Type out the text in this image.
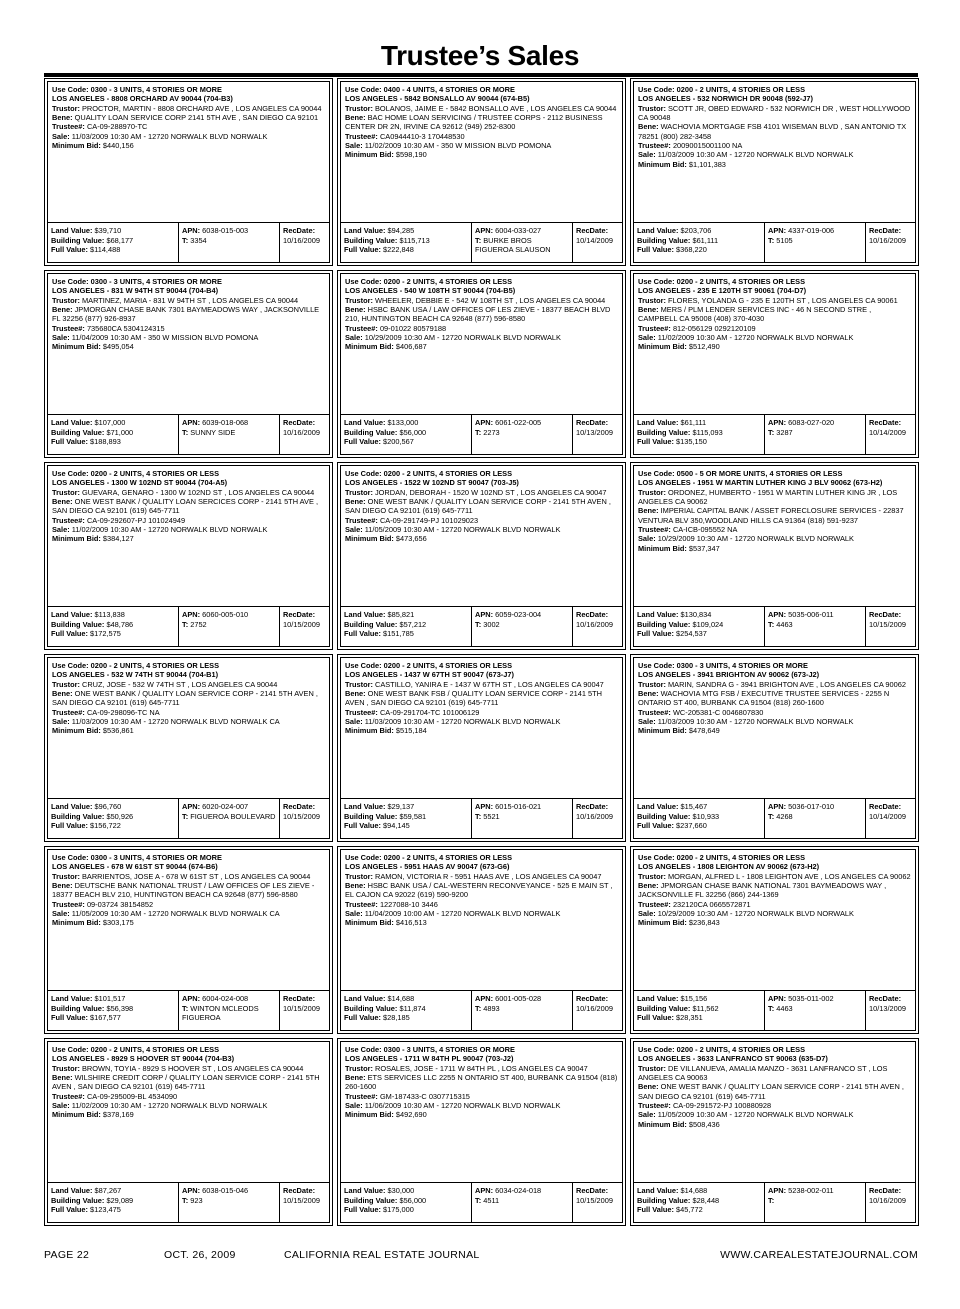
Trustee’s Sales
Use Code: 0300 - 3 UNITS, 4 STORIES OR MORE
LOS ANGELES - 8808 ORCHARD AV 90044 (704-B3)
Trustor: PROCTOR, MARTIN - 8808 ORCHARD AVE , LOS ANGELES CA 90044
Bene: QUALITY LOAN SERVICE CORP 2141 5TH AVE , SAN DIEGO CA 92101
Trustee#: CA-09-288970-TC
Sale: 11/03/2009 10:30 AM - 12720 NORWALK BLVD NORWALK
Minimum Bid: $440,156
Land Value: $39,710
Building Value: $68,177
Full Value: $114,488
APN: 6038-015-003
T: 3354
RecDate:
10/16/2009
Use Code: 0400 - 4 UNITS, 4 STORIES OR MORE
LOS ANGELES - 5842 BONSALLO AV 90044 (674-B5)
Trustor: BOLANOS, JAIME E - 5842 BONSALLO AVE , LOS ANGELES CA 90044
Bene: BAC HOME LOAN SERVICING / TRUSTEE CORPS - 2112 BUSINESS CENTER DR 2N, IRVINE CA 92612 (949) 252-8300
Trustee#: CA0944410-3 170448530
Sale: 11/02/2009 10:30 AM - 350 W MISSION BLVD POMONA
Minimum Bid: $598,190
Land Value: $94,285
Building Value: $115,713
Full Value: $222,848
APN: 6004-033-027
T: BURKE BROS FIGUEROA SLAUSON
RecDate:
10/14/2009
Use Code: 0200 - 2 UNITS, 4 STORIES OR LESS
LOS ANGELES - 532 NORWICH DR 90048 (592-J7)
Trustor: SCOTT JR, OBED EDWARD - 532 NORWICH DR , WEST HOLLYWOOD CA 90048
Bene: WACHOVIA MORTGAGE FSB 4101 WISEMAN BLVD , SAN ANTONIO TX 78251 (800) 282-3458
Trustee#: 20090015001100 NA
Sale: 11/03/2009 10:30 AM - 12720 NORWALK BLVD NORWALK
Minimum Bid: $1,101,383
Land Value: $203,706
Building Value: $61,111
Full Value: $368,220
APN: 4337-019-006
T: 5105
RecDate:
10/16/2009
Use Code: 0300 - 3 UNITS, 4 STORIES OR MORE
LOS ANGELES - 831 W 94TH ST 90044 (704-B4)
Trustor: MARTINEZ, MARIA - 831 W 94TH ST , LOS ANGELES CA 90044
Bene: JPMORGAN CHASE BANK 7301 BAYMEADOWS WAY , JACKSONVILLE FL 32256 (877) 926-8937
Trustee#: 735680CA 5304124315
Sale: 11/04/2009 10:30 AM - 350 W MISSION BLVD POMONA
Minimum Bid: $495,054
Land Value: $107,000
Building Value: $71,000
Full Value: $188,893
APN: 6039-018-068
T: SUNNY SIDE
RecDate:
10/16/2009
Use Code: 0200 - 2 UNITS, 4 STORIES OR LESS
LOS ANGELES - 540 W 108TH ST 90044 (704-B5)
Trustor: WHEELER, DEBBIE E - 542 W 108TH ST , LOS ANGELES CA 90044
Bene: HSBC BANK USA / LAW OFFICES OF LES ZIEVE - 18377 BEACH BLVD 210, HUNTINGTON BEACH CA 92648 (877) 596-8580
Trustee#: 09-01022 80579188
Sale: 10/29/2009 10:30 AM - 12720 NORWALK BLVD NORWALK
Minimum Bid: $406,687
Land Value: $133,000
Building Value: $56,000
Full Value: $200,567
APN: 6061-022-005
T: 2273
RecDate:
10/13/2009
Use Code: 0200 - 2 UNITS, 4 STORIES OR LESS
LOS ANGELES - 235 E 120TH ST 90061 (704-D7)
Trustor: FLORES, YOLANDA G - 235 E 120TH ST , LOS ANGELES CA 90061
Bene: MERS / PLM LENDER SERVICES INC - 46 N SECOND STRE , CAMPBELL CA 95008 (408) 370-4030
Trustee#: 812-056129 0292120109
Sale: 11/02/2009 10:30 AM - 12720 NORWALK BLVD NORWALK
Minimum Bid: $512,490
Land Value: $61,111
Building Value: $115,093
Full Value: $135,150
APN: 6083-027-020
T: 3287
RecDate:
10/14/2009
Use Code: 0200 - 2 UNITS, 4 STORIES OR LESS
LOS ANGELES - 1300 W 102ND ST 90044 (704-A5)
Trustor: GUEVARA, GENARO - 1300 W 102ND ST , LOS ANGELES CA 90044
Bene: ONE WEST BANK / QUALITY LOAN SERCICES CORP - 2141 5TH AVE , SAN DIEGO CA 92101 (619) 645-7711
Trustee#: CA-09-292607-PJ 101024949
Sale: 11/02/2009 10:30 AM - 12720 NORWALK BLVD NORWALK
Minimum Bid: $384,127
Land Value: $113,838
Building Value: $48,786
Full Value: $172,575
APN: 6060-005-010
T: 2752
RecDate:
10/15/2009
Use Code: 0200 - 2 UNITS, 4 STORIES OR LESS
LOS ANGELES - 1522 W 102ND ST 90047 (703-J5)
Trustor: JORDAN, DEBORAH - 1520 W 102ND ST , LOS ANGELES CA 90047
Bene: ONE WEST BANK / QUALITY LOAN SERVICE CORP - 2141 5TH AVEN , SAN DIEGO CA 92101 (619) 645-7711
Trustee#: CA-09-291749-PJ 101029023
Sale: 11/05/2009 10:30 AM - 12720 NORWALK BLVD NORWALK
Minimum Bid: $473,656
Land Value: $85,821
Building Value: $57,212
Full Value: $151,785
APN: 6059-023-004
T: 3002
RecDate:
10/16/2009
Use Code: 0500 - 5 OR MORE UNITS, 4 STORIES OR LESS
LOS ANGELES - 1951 W MARTIN LUTHER KING J BLV 90062 (673-H2)
Trustor: ORDONEZ, HUMBERTO - 1951 W MARTIN LUTHER KING JR , LOS ANGELES CA 90062
Bene: IMPERIAL CAPITAL BANK / ASSET FORECLOSURE SERVICES - 22837 VENTURA BLV 350,WOODLAND HILLS CA 91364 (818) 591-9237
Trustee#: CA-ICB-095552 NA
Sale: 10/29/2009 10:30 AM - 12720 NORWALK BLVD NORWALK
Minimum Bid: $537,347
Land Value: $130,834
Building Value: $109,024
Full Value: $254,537
APN: 5035-006-011
T: 4463
RecDate:
10/15/2009
Use Code: 0200 - 2 UNITS, 4 STORIES OR LESS
LOS ANGELES - 532 W 74TH ST 90044 (704-B1)
Trustor: CRUZ, JOSE - 532 W 74TH ST , LOS ANGELES CA 90044
Bene: ONE WEST BANK / QUALITY LOAN SERVICE CORP - 2141 5TH AVEN , SAN DIEGO CA 92101 (619) 645-7711
Trustee#: CA-09-298096-TC NA
Sale: 11/03/2009 10:30 AM - 12720 NORWALK BLVD NORWALK CA
Minimum Bid: $536,861
Land Value: $96,760
Building Value: $50,926
Full Value: $156,722
APN: 6020-024-007
T: FIGUEROA BOULEVARD
RecDate:
10/15/2009
Use Code: 0200 - 2 UNITS, 4 STORIES OR LESS
LOS ANGELES - 1437 W 67TH ST 90047 (673-J7)
Trustor: CASTILLO, YANIRA E - 1437 W 67TH ST , LOS ANGELES CA 90047
Bene: ONE WEST BANK FSB / QUALITY LOAN SERVICE CORP - 2141 5TH AVEN , SAN DIEGO CA 92101 (619) 645-7711
Trustee#: CA-09-291704-TC 101006129
Sale: 11/03/2009 10:30 AM - 12720 NORWALK BLVD NORWALK
Minimum Bid: $515,184
Land Value: $29,137
Building Value: $59,581
Full Value: $94,145
APN: 6015-016-021
T: 5521
RecDate:
10/16/2009
Use Code: 0300 - 3 UNITS, 4 STORIES OR MORE
LOS ANGELES - 3941 BRIGHTON AV 90062 (673-J2)
Trustor: MARIN, SANDRA G - 3941 BRIGHTON AVE , LOS ANGELES CA 90062
Bene: WACHOVIA MTG FSB / EXECUTIVE TRUSTEE SERVICES - 2255 N ONTARIO ST 400, BURBANK CA 91504 (818) 260-1600
Trustee#: WC-205381-C 0046807830
Sale: 11/03/2009 10:30 AM - 12720 NORWALK BLVD NORWALK
Minimum Bid: $478,649
Land Value: $15,467
Building Value: $10,933
Full Value: $237,660
APN: 5036-017-010
T: 4268
RecDate:
10/14/2009
Use Code: 0300 - 3 UNITS, 4 STORIES OR MORE
LOS ANGELES - 678 W 61ST ST 90044 (674-B6)
Trustor: BARRIENTOS, JOSE A - 678 W 61ST ST , LOS ANGELES CA 90044
Bene: DEUTSCHE BANK NATIONAL TRUST / LAW OFFICES OF LES ZIEVE - 18377 BEACH BLV 210, HUNTINGTON BEACH CA 92648 (877) 596-8580
Trustee#: 09-03724 38154852
Sale: 11/05/2009 10:30 AM - 12720 NORWALK BLVD NORWALK CA
Minimum Bid: $303,175
Land Value: $101,517
Building Value: $56,398
Full Value: $167,577
APN: 6004-024-008
T: WINTON MCLEODS FIGUEROA
RecDate:
10/15/2009
Use Code: 0200 - 2 UNITS, 4 STORIES OR LESS
LOS ANGELES - 5951 HAAS AV 90047 (673-G6)
Trustor: RAMON, VICTORIA R - 5951 HAAS AVE , LOS ANGELES CA 90047
Bene: HSBC BANK USA / CAL-WESTERN RECONVEYANCE - 525 E MAIN ST , EL CAJON CA 92022 (619) 590-9200
Trustee#: 1227088-10 3446
Sale: 11/04/2009 10:00 AM - 12720 NORWALK BLVD NORWALK
Minimum Bid: $416,513
Land Value: $14,688
Building Value: $11,874
Full Value: $28,185
APN: 6001-005-028
T: 4893
RecDate:
10/16/2009
Use Code: 0200 - 2 UNITS, 4 STORIES OR LESS
LOS ANGELES - 1808 LEIGHTON AV 90062 (673-H2)
Trustor: MORGAN, ALFRED L - 1808 LEIGHTON AVE , LOS ANGELES CA 90062
Bene: JPMORGAN CHASE BANK NATIONAL 7301 BAYMEADOWS WAY , JACKSONVILLE FL 32256 (866) 244-1369
Trustee#: 232120CA 0665572871
Sale: 10/29/2009 10:30 AM - 12720 NORWALK BLVD NORWALK
Minimum Bid: $236,843
Land Value: $15,156
Building Value: $11,562
Full Value: $28,351
APN: 5035-011-002
T: 4463
RecDate:
10/13/2009
Use Code: 0200 - 2 UNITS, 4 STORIES OR LESS
LOS ANGELES - 8929 S HOOVER ST 90044 (704-B3)
Trustor: BROWN, TOYIA - 8929 S HOOVER ST , LOS ANGELES CA 90044
Bene: WILSHIRE CREDIT CORP / QUALITY LOAN SERVICE CORP - 2141 5TH AVEN , SAN DIEGO CA 92101 (619) 645-7711
Trustee#: CA-09-295009-BL 4534090
Sale: 11/02/2009 10:30 AM - 12720 NORWALK BLVD NORWALK
Minimum Bid: $378,169
Land Value: $87,267
Building Value: $29,089
Full Value: $123,475
APN: 6038-015-046
T: 923
RecDate:
10/15/2009
Use Code: 0300 - 3 UNITS, 4 STORIES OR MORE
LOS ANGELES - 1711 W 84TH PL 90047 (703-J2)
Trustor: ROSALES, JOSE - 1711 W 84TH PL , LOS ANGELES CA 90047
Bene: ETS SERVICES LLC 2255 N ONTARIO ST 400, BURBANK CA 91504 (818) 260-1600
Trustee#: GM-187433-C 0307715315
Sale: 11/06/2009 10:30 AM - 12720 NORWALK BLVD NORWALK
Minimum Bid: $492,690
Land Value: $30,000
Building Value: $56,000
Full Value: $175,000
APN: 6034-024-018
T: 4511
RecDate:
10/15/2009
Use Code: 0200 - 2 UNITS, 4 STORIES OR LESS
LOS ANGELES - 3633 LANFRANCO ST 90063 (635-D7)
Trustor: DE VILLANUEVA, AMALIA MANZO - 3631 LANFRANCO ST , LOS ANGELES CA 90063
Bene: ONE WEST BANK / QUALITY LOAN SERVICE CORP - 2141 5TH AVEN , SAN DIEGO CA 92101 (619) 645-7711
Trustee#: CA-09-291572-PJ 100880928
Sale: 11/05/2009 10:30 AM - 12720 NORWALK BLVD NORWALK
Minimum Bid: $508,436
Land Value: $14,688
Building Value: $28,448
Full Value: $45,772
APN: 5238-002-011
T:
RecDate:
10/16/2009
PAGE 22	OCT. 26, 2009	CALIFORNIA REAL ESTATE JOURNAL	WWW.CAREALESTATEJOURNAL.COM
